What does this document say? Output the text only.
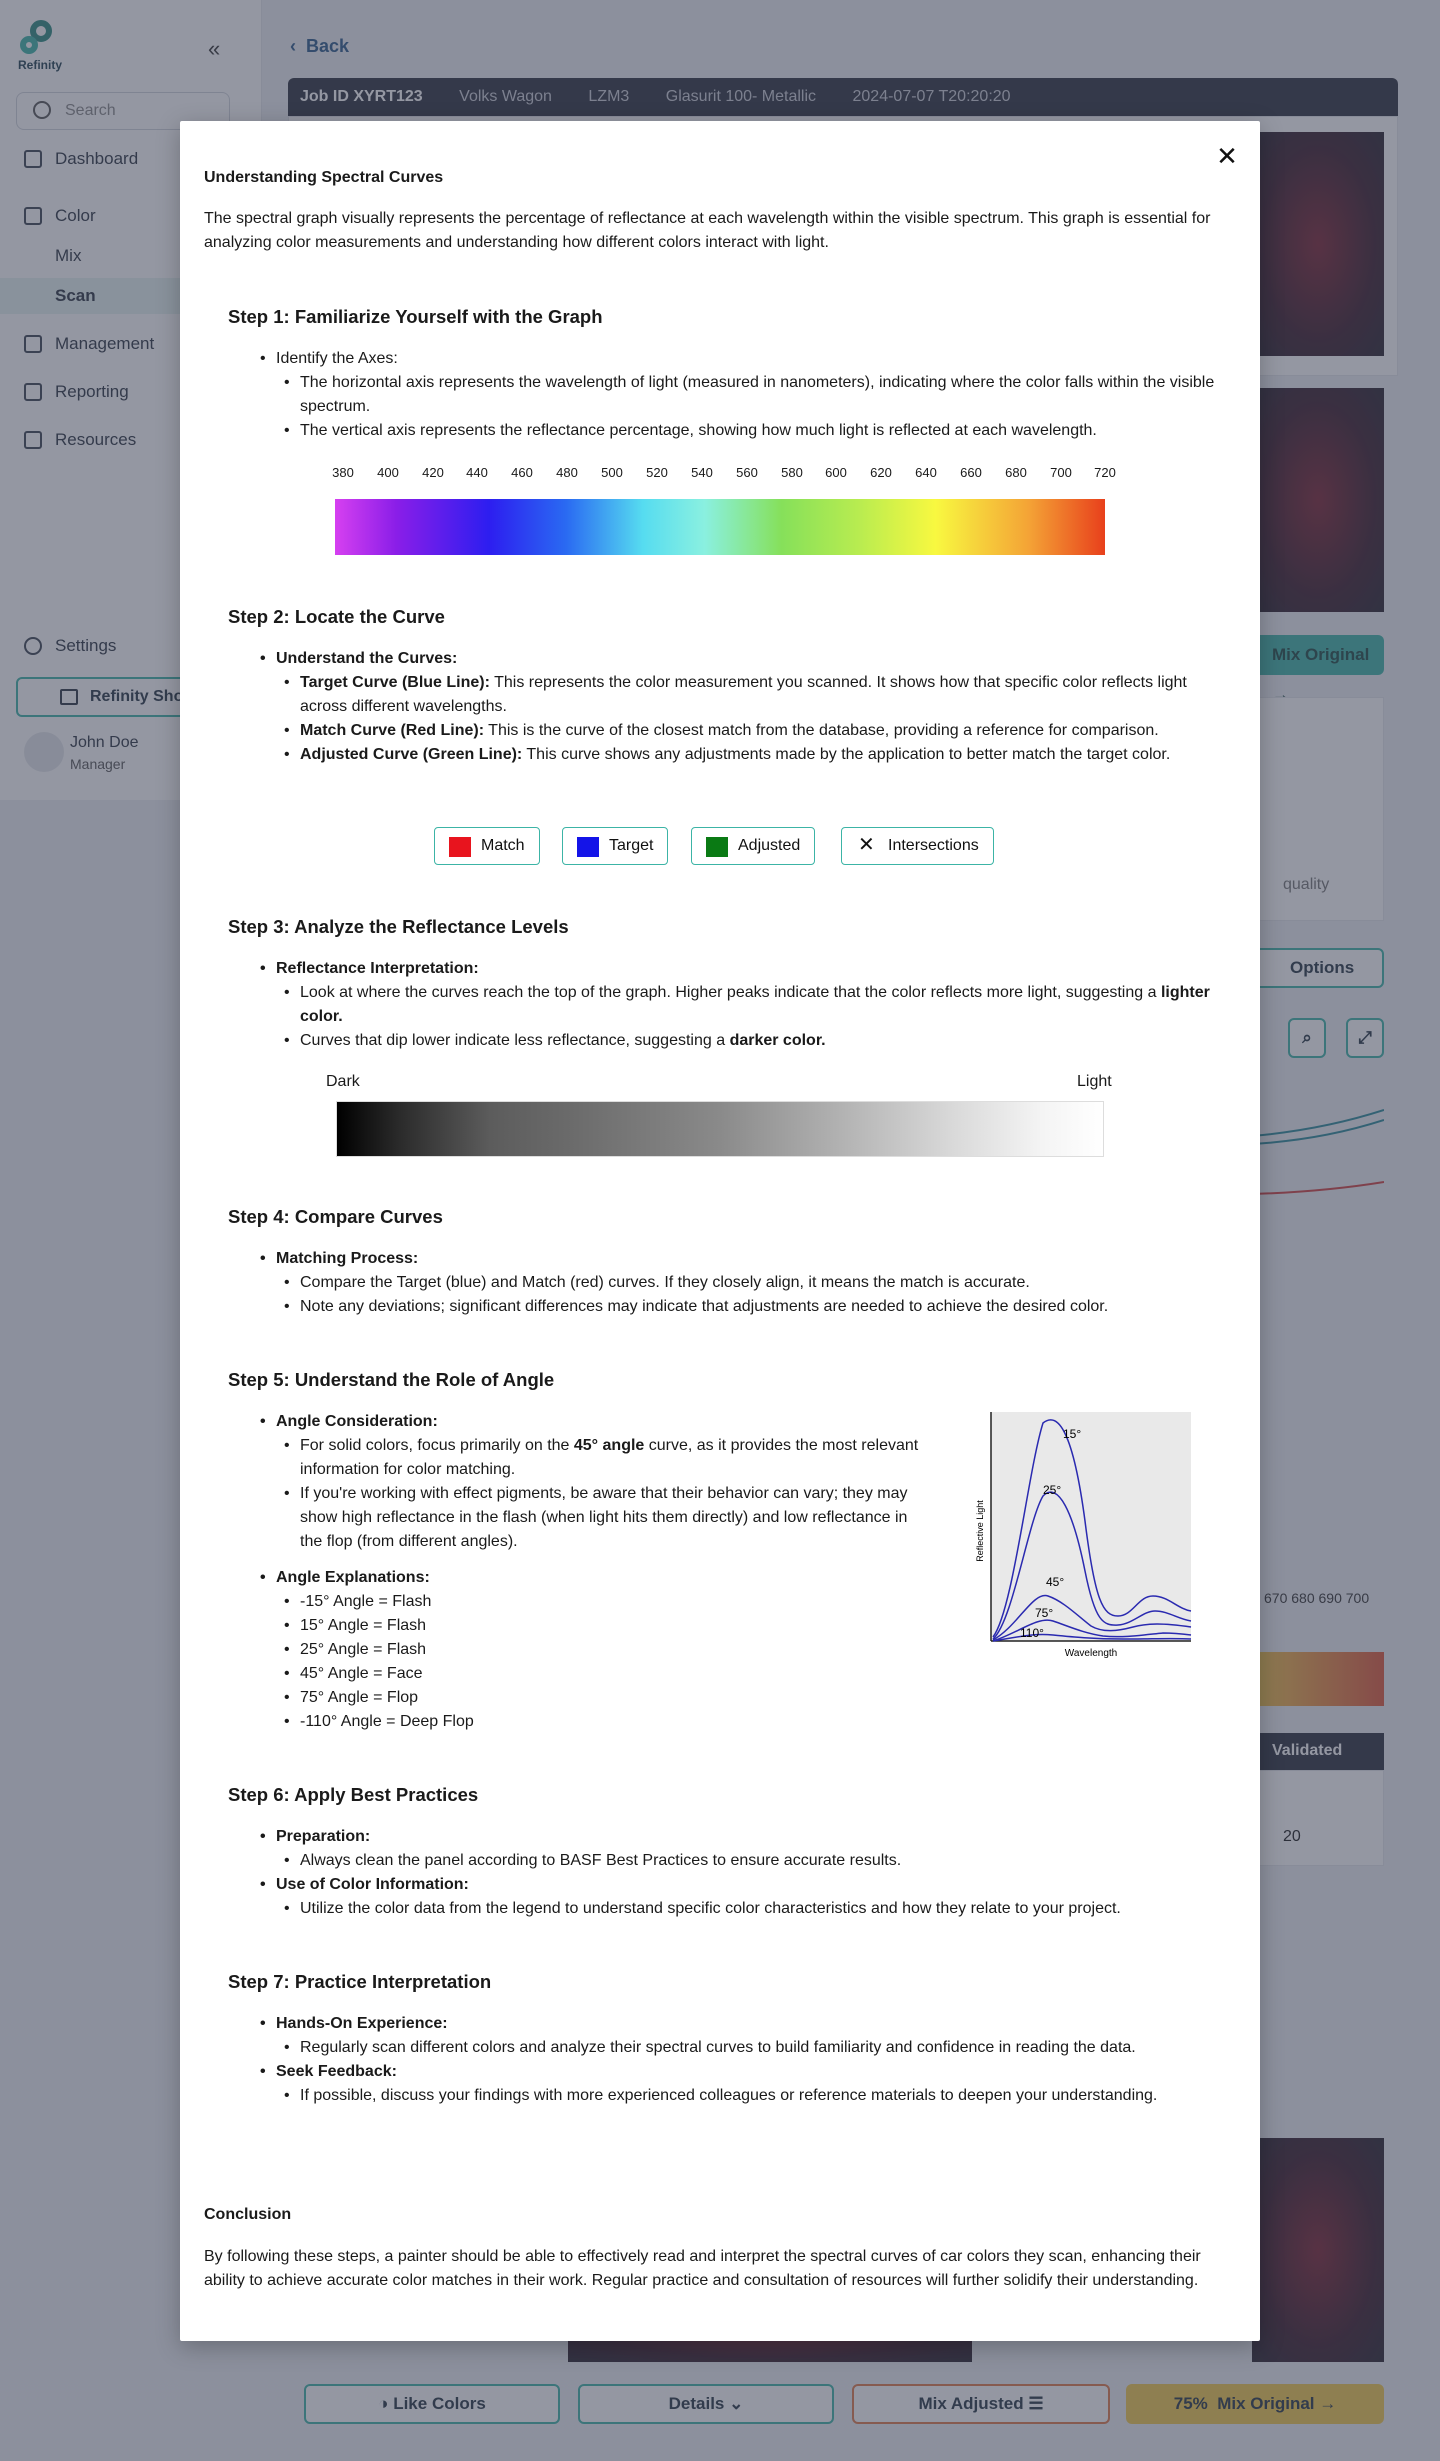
✕
Understanding Spectral Curves
The spectral graph visually represents the percentage of reflectance at each wavelength within the visible spectrum. This graph is essential for analyzing color measurements and understanding how different colors interact with light.
Step 1: Familiarize Yourself with the Graph
• Identify the Axes:
• The horizontal axis represents the wavelength of light (measured in nanometers), indicating where the color falls within the visible spectrum.
• The vertical axis represents the reflectance percentage, showing how much light is reflected at each wavelength.
380 400 420 440 460 480 500 520 540 560 580 600 620 640 660 680 700 720
Step 2: Locate the Curve
• Understand the Curves:
• Target Curve (Blue Line): This represents the color measurement you scanned. It shows how that specific color reflects light across different wavelengths.
• Match Curve (Red Line): This is the curve of the closest match from the database, providing a reference for comparison.
• Adjusted Curve (Green Line): This curve shows any adjustments made by the application to better match the target color.
Match	Target	Adjusted	✕ Intersections
Step 3: Analyze the Reflectance Levels
• Reflectance Interpretation:
• Look at where the curves reach the top of the graph. Higher peaks indicate that the color reflects more light, suggesting a lighter color.
• Curves that dip lower indicate less reflectance, suggesting a darker color.
Dark	Light
Step 4: Compare Curves
• Matching Process:
• Compare the Target (blue) and Match (red) curves. If they closely align, it means the match is accurate.
• Note any deviations; significant differences may indicate that adjustments are needed to achieve the desired color.
Step 5: Understand the Role of Angle
• Angle Consideration:
• For solid colors, focus primarily on the 45° angle curve, as it provides the most relevant information for color matching.
• If you're working with effect pigments, be aware that their behavior can vary; they may show high reflectance in the flash (when light hits them directly) and low reflectance in the flop (from different angles).
• Angle Explanations:
• -15° Angle = Flash
• 15° Angle = Flash
• 25° Angle = Flash
• 45° Angle = Face
• 75° Angle = Flop
• -110° Angle = Deep Flop
15°
25°
45°
75°
110°
Reflective Light
Wavelength
Step 6: Apply Best Practices
• Preparation:
• Always clean the panel according to BASF Best Practices to ensure accurate results.
• Use of Color Information:
• Utilize the color data from the legend to understand specific color characteristics and how they relate to your project.
Step 7: Practice Interpretation
• Hands-On Experience:
• Regularly scan different colors and analyze their spectral curves to build familiarity and confidence in reading the data.
• Seek Feedback:
• If possible, discuss your findings with more experienced colleagues or reference materials to deepen your understanding.
Conclusion
By following these steps, a painter should be able to effectively read and interpret the spectral curves of car colors they scan, enhancing their ability to achieve accurate color matches in their work. Regular practice and consultation of resources will further solidify their understanding.
